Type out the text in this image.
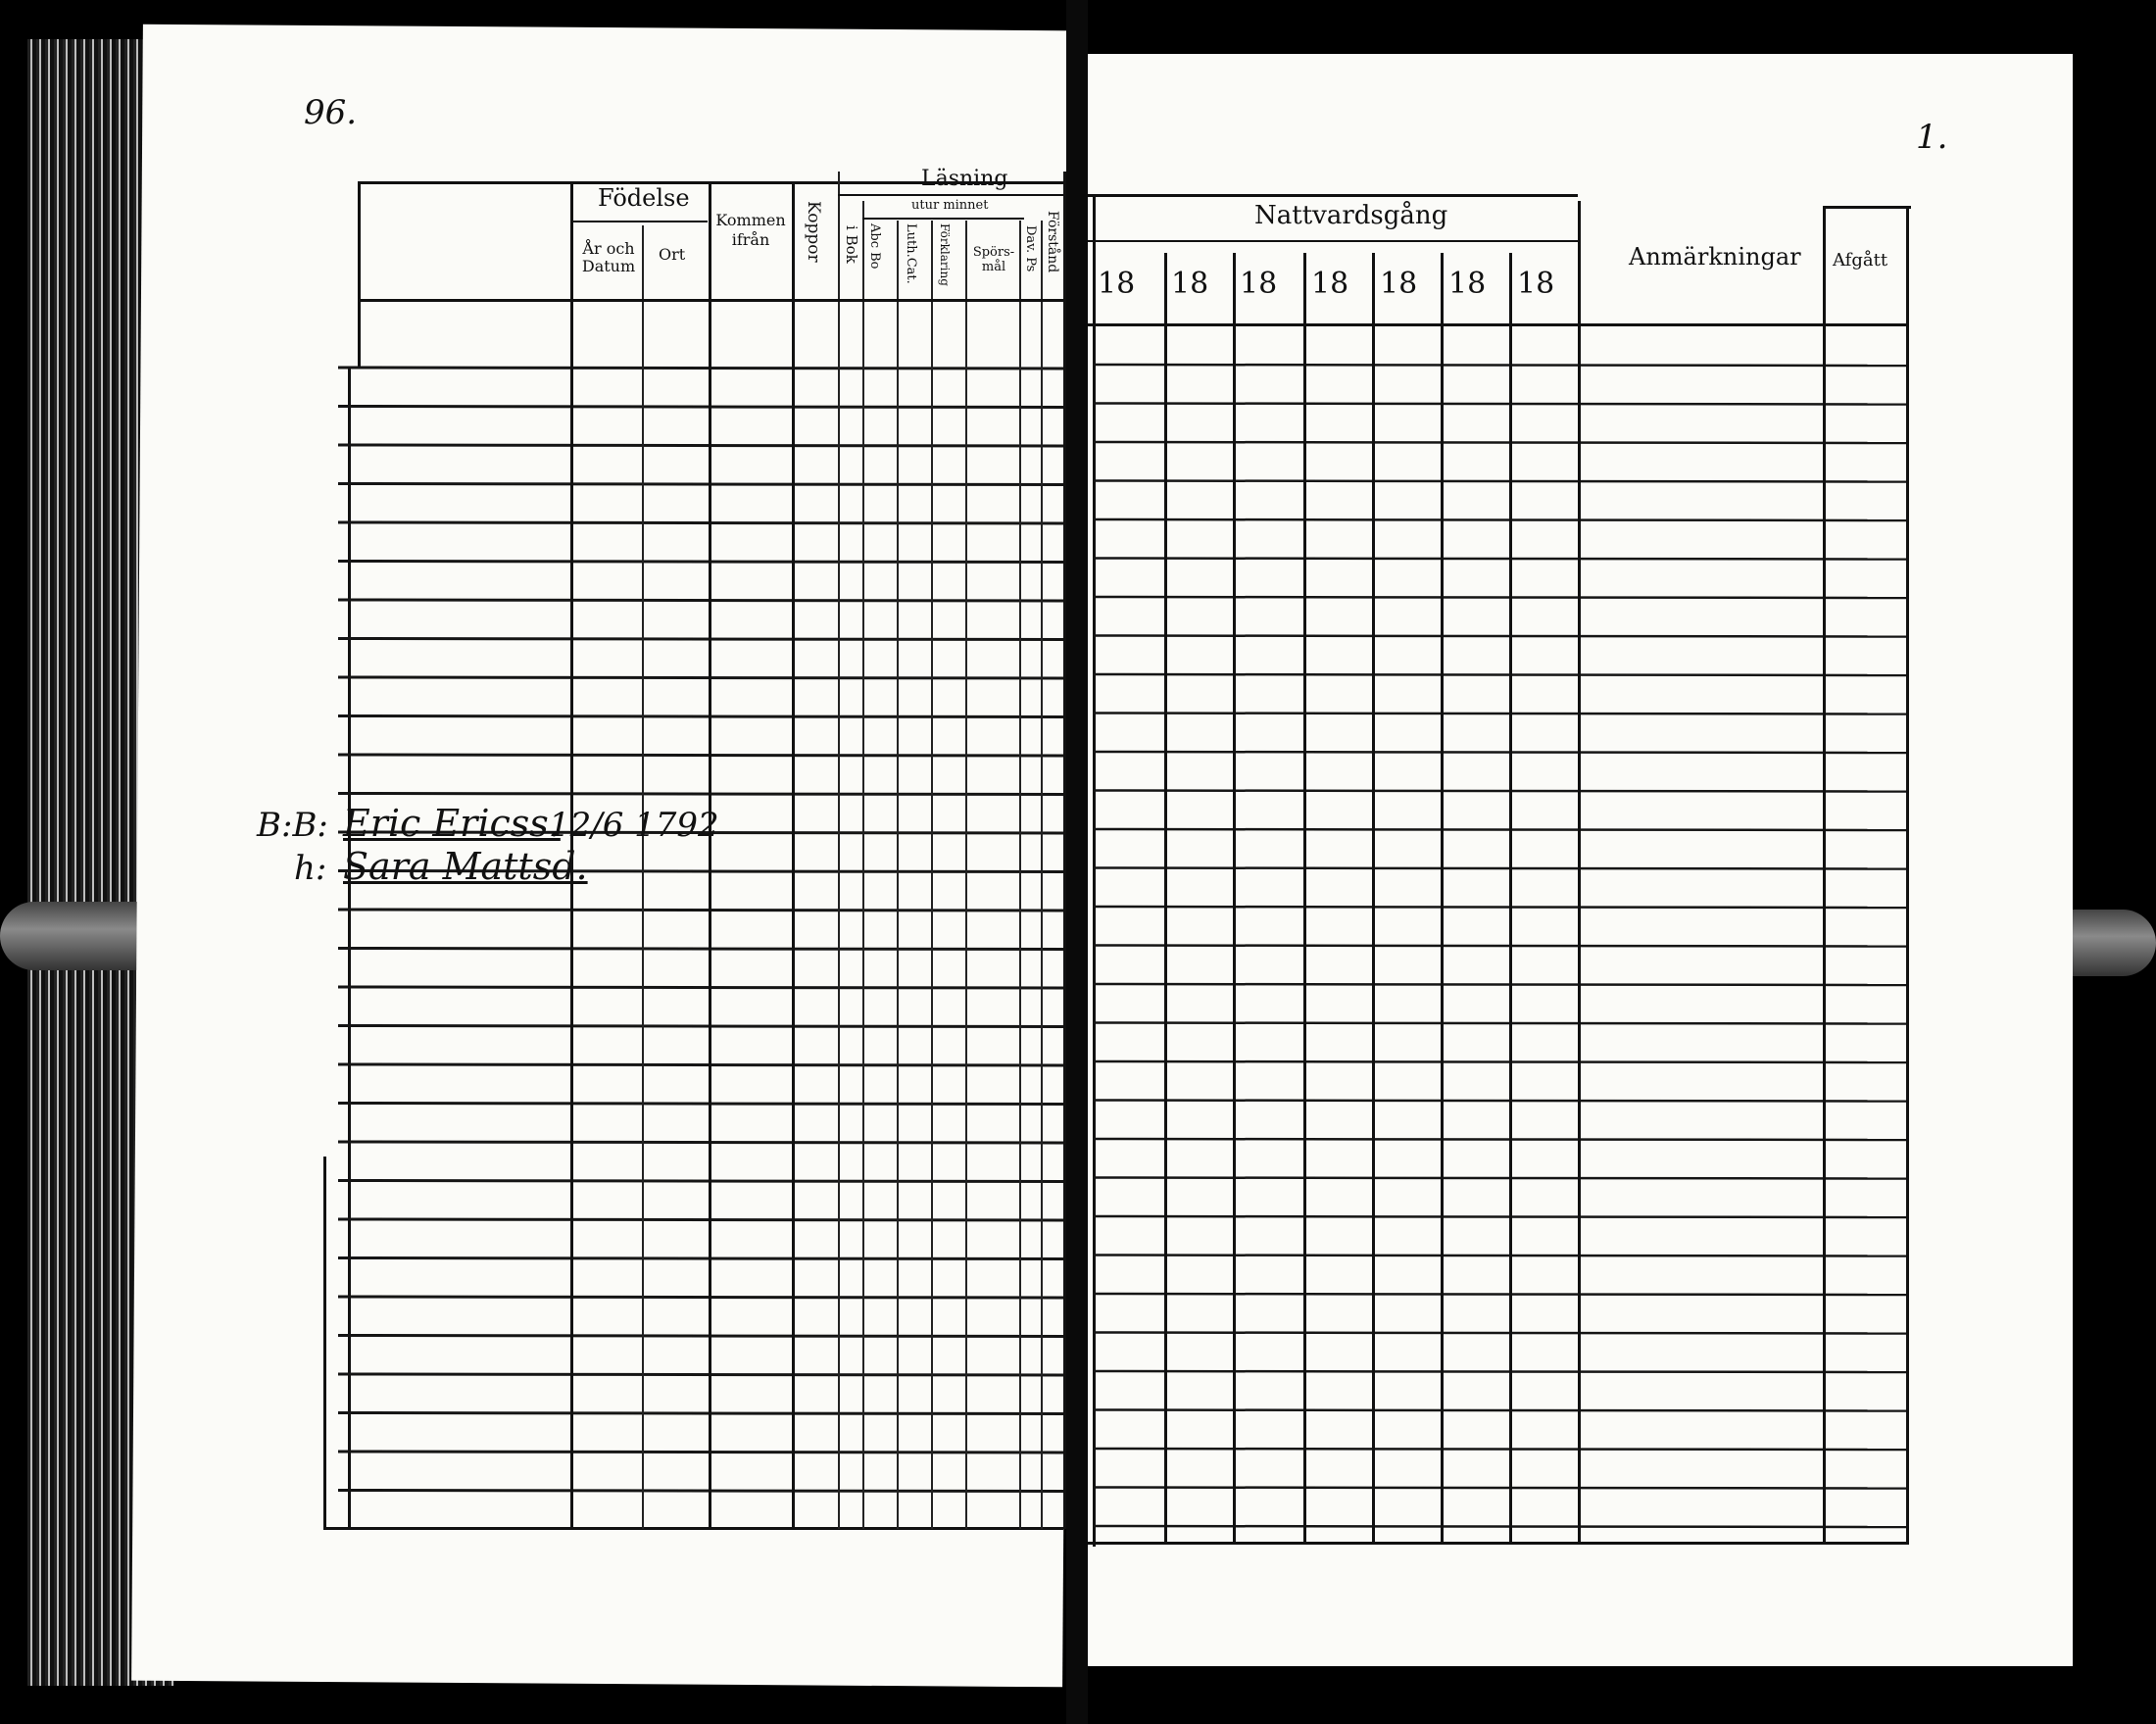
Födelse
År och Datum
Ort
Kommen ifrån	Koppor
Läsning
utur minnet
i Bok Abc Bo Luth.Cat. Förklaring Spörs-mål	Dav. Ps Förstånd
B:B: Eric Ericss.
12/6 1792
h: Sara Mattsd.
96.
1.
Nattvardsgång
18 18 18 18 18 18 18
Anmärkningar Afgått
